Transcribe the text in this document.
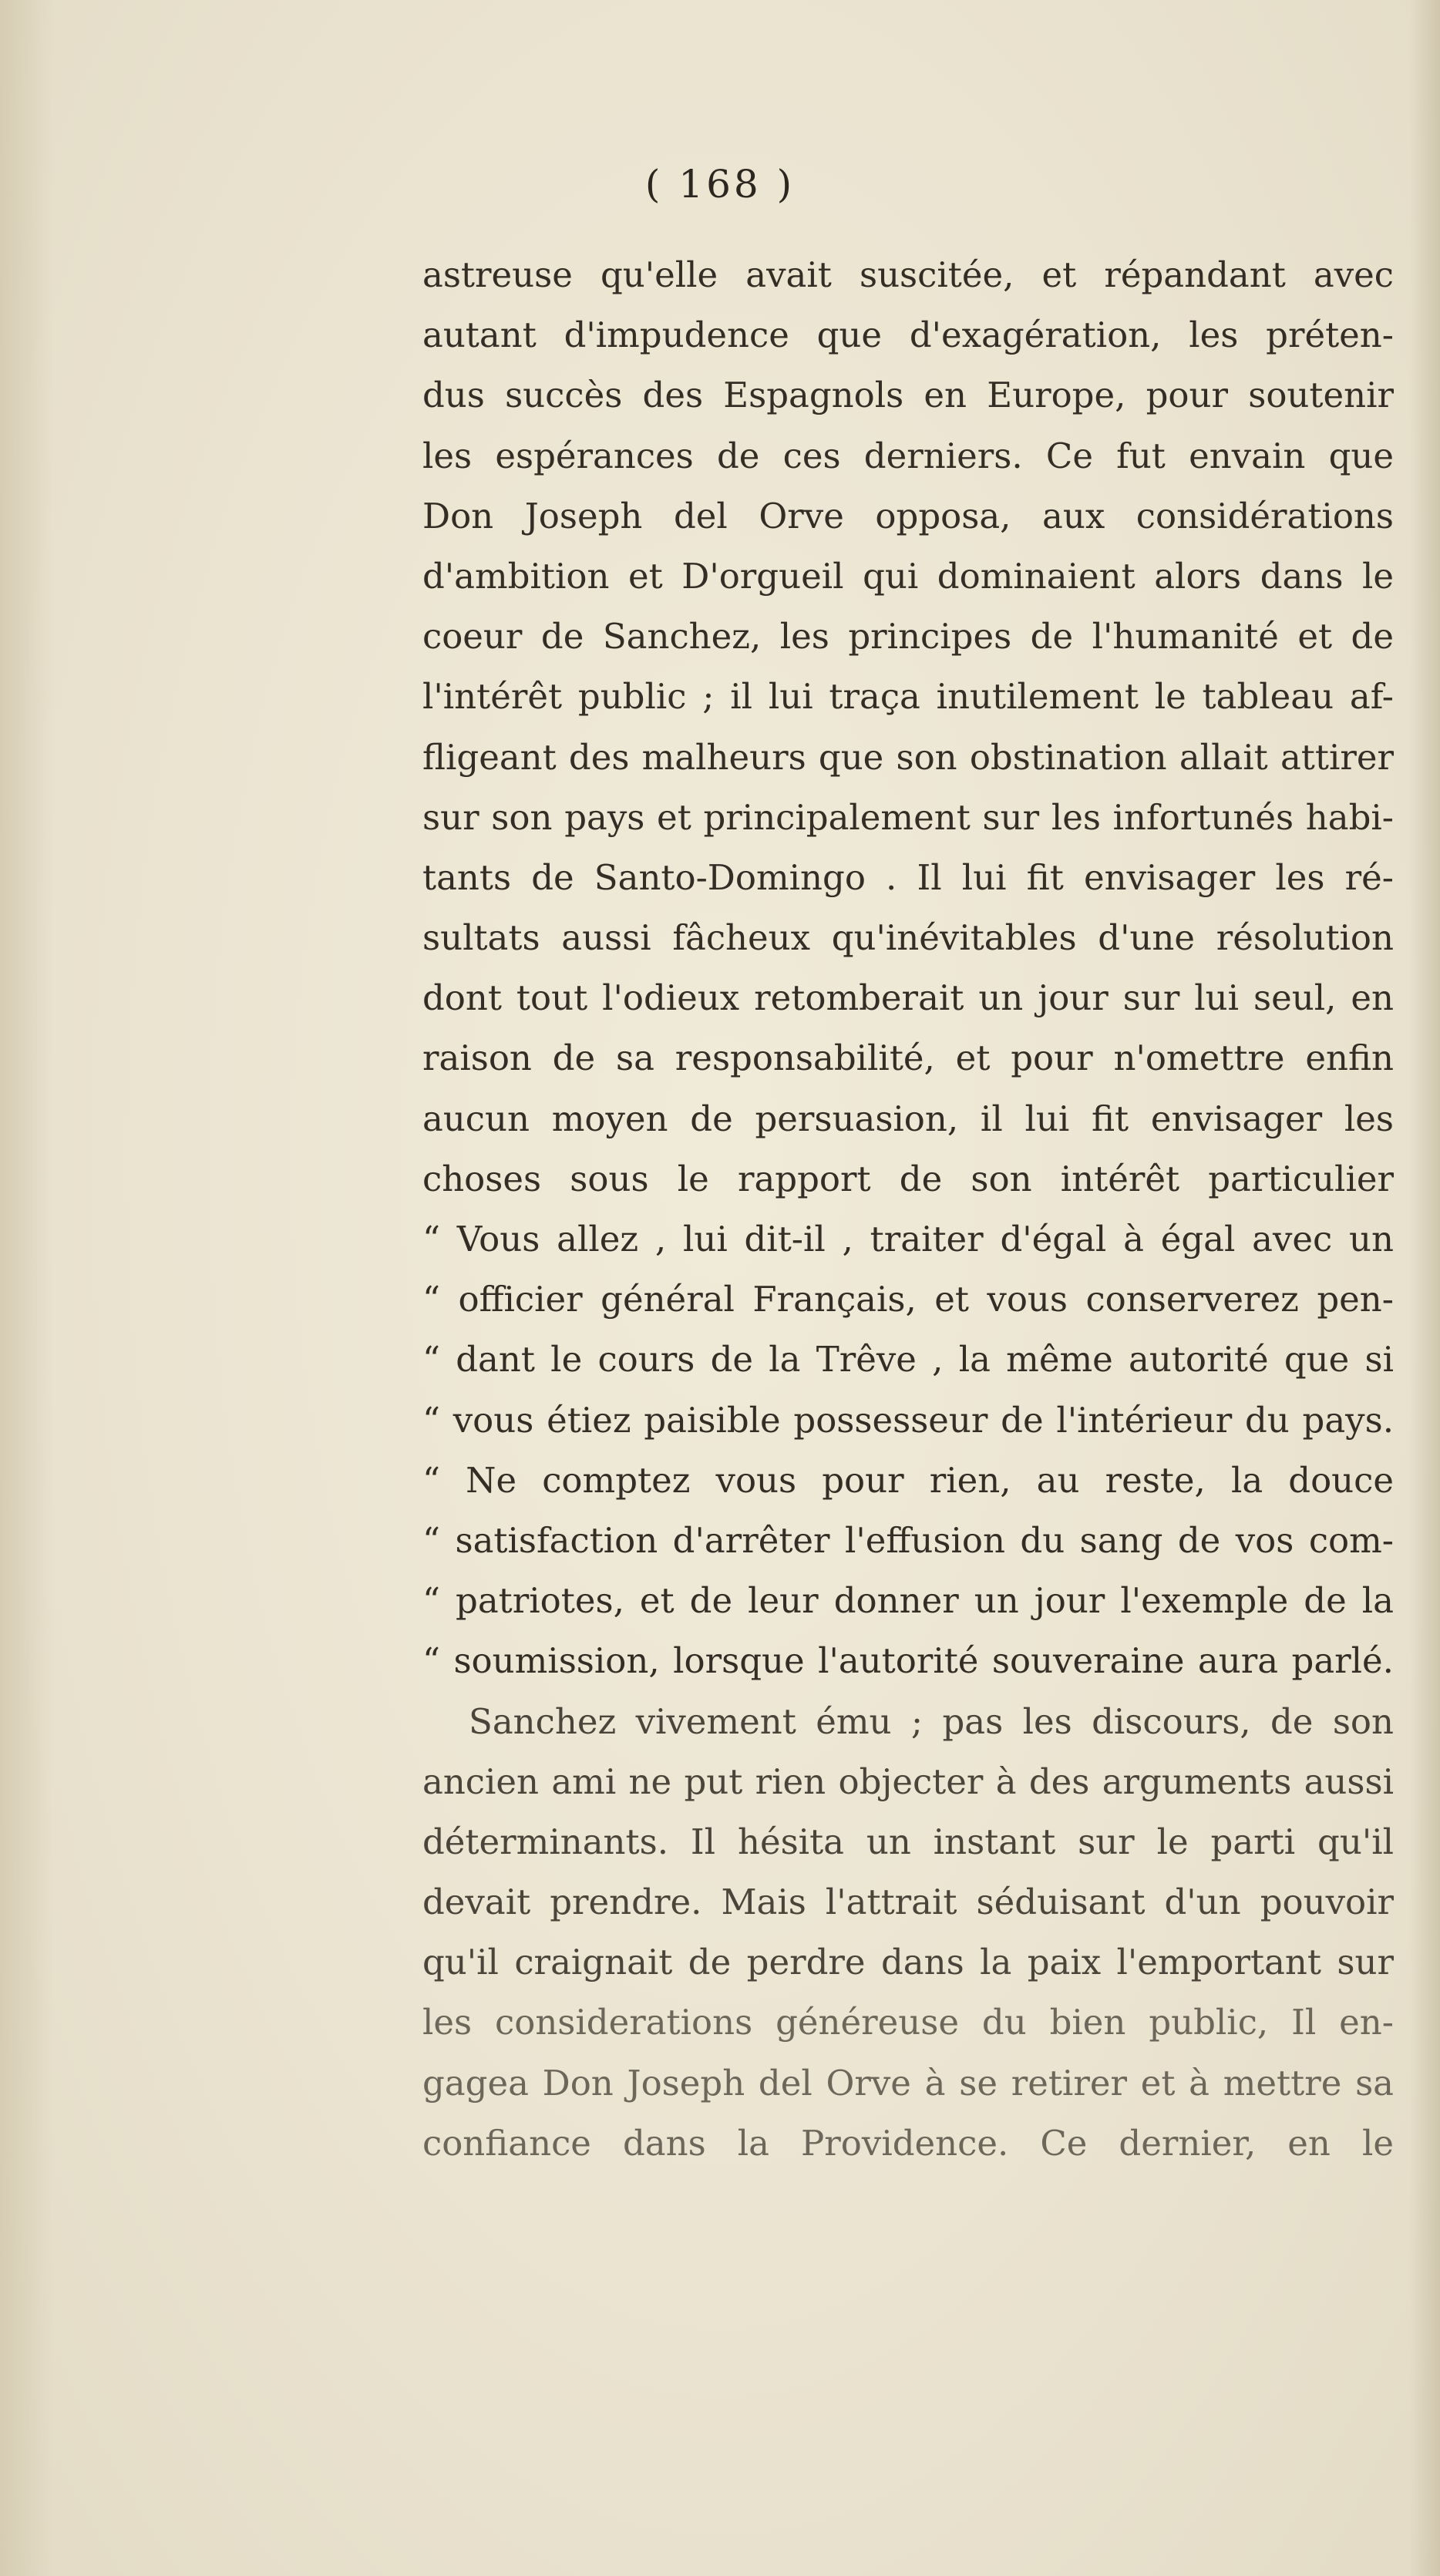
( 168 )
astreuse qu'elle avait suscitée, et répandant avec
autant d'impudence que d'exagération, les préten-
dus succès des Espagnols en Europe, pour soutenir
les espérances de ces derniers. Ce fut envain que
Don Joseph del Orve opposa, aux considérations
d'ambition et D'orgueil qui dominaient alors dans le
coeur de Sanchez, les principes de l'humanité et de
l'intérêt public ; il lui traça inutilement le tableau af-
fligeant des malheurs que son obstination allait attirer
sur son pays et principalement sur les infortunés habi-
tants de Santo-Domingo . Il lui fit envisager les ré-
sultats aussi fâcheux qu'inévitables d'une résolution
dont tout l'odieux retomberait un jour sur lui seul, en
raison de sa responsabilité, et pour n'omettre enfin
aucun moyen de persuasion, il lui fit envisager les
choses sous le rapport de son intérêt particulier
“ Vous allez , lui dit-il , traiter d'égal à égal avec un
“ officier général Français, et vous conserverez pen-
“ dant le cours de la Trêve , la même autorité que si
“ vous étiez paisible possesseur de l'intérieur du pays.
“ Ne comptez vous pour rien, au reste, la douce
“ satisfaction d'arrêter l'effusion du sang de vos com-
“ patriotes, et de leur donner un jour l'exemple de la
“ soumission, lorsque l'autorité souveraine aura parlé.
Sanchez vivement ému ; pas les discours, de son
ancien ami ne put rien objecter à des arguments aussi
déterminants. Il hésita un instant sur le parti qu'il
devait prendre. Mais l'attrait séduisant d'un pouvoir
qu'il craignait de perdre dans la paix l'emportant sur
les considerations généreuse du bien public, Il en-
gagea Don Joseph del Orve à se retirer et à mettre sa
confiance dans la Providence. Ce dernier, en le
